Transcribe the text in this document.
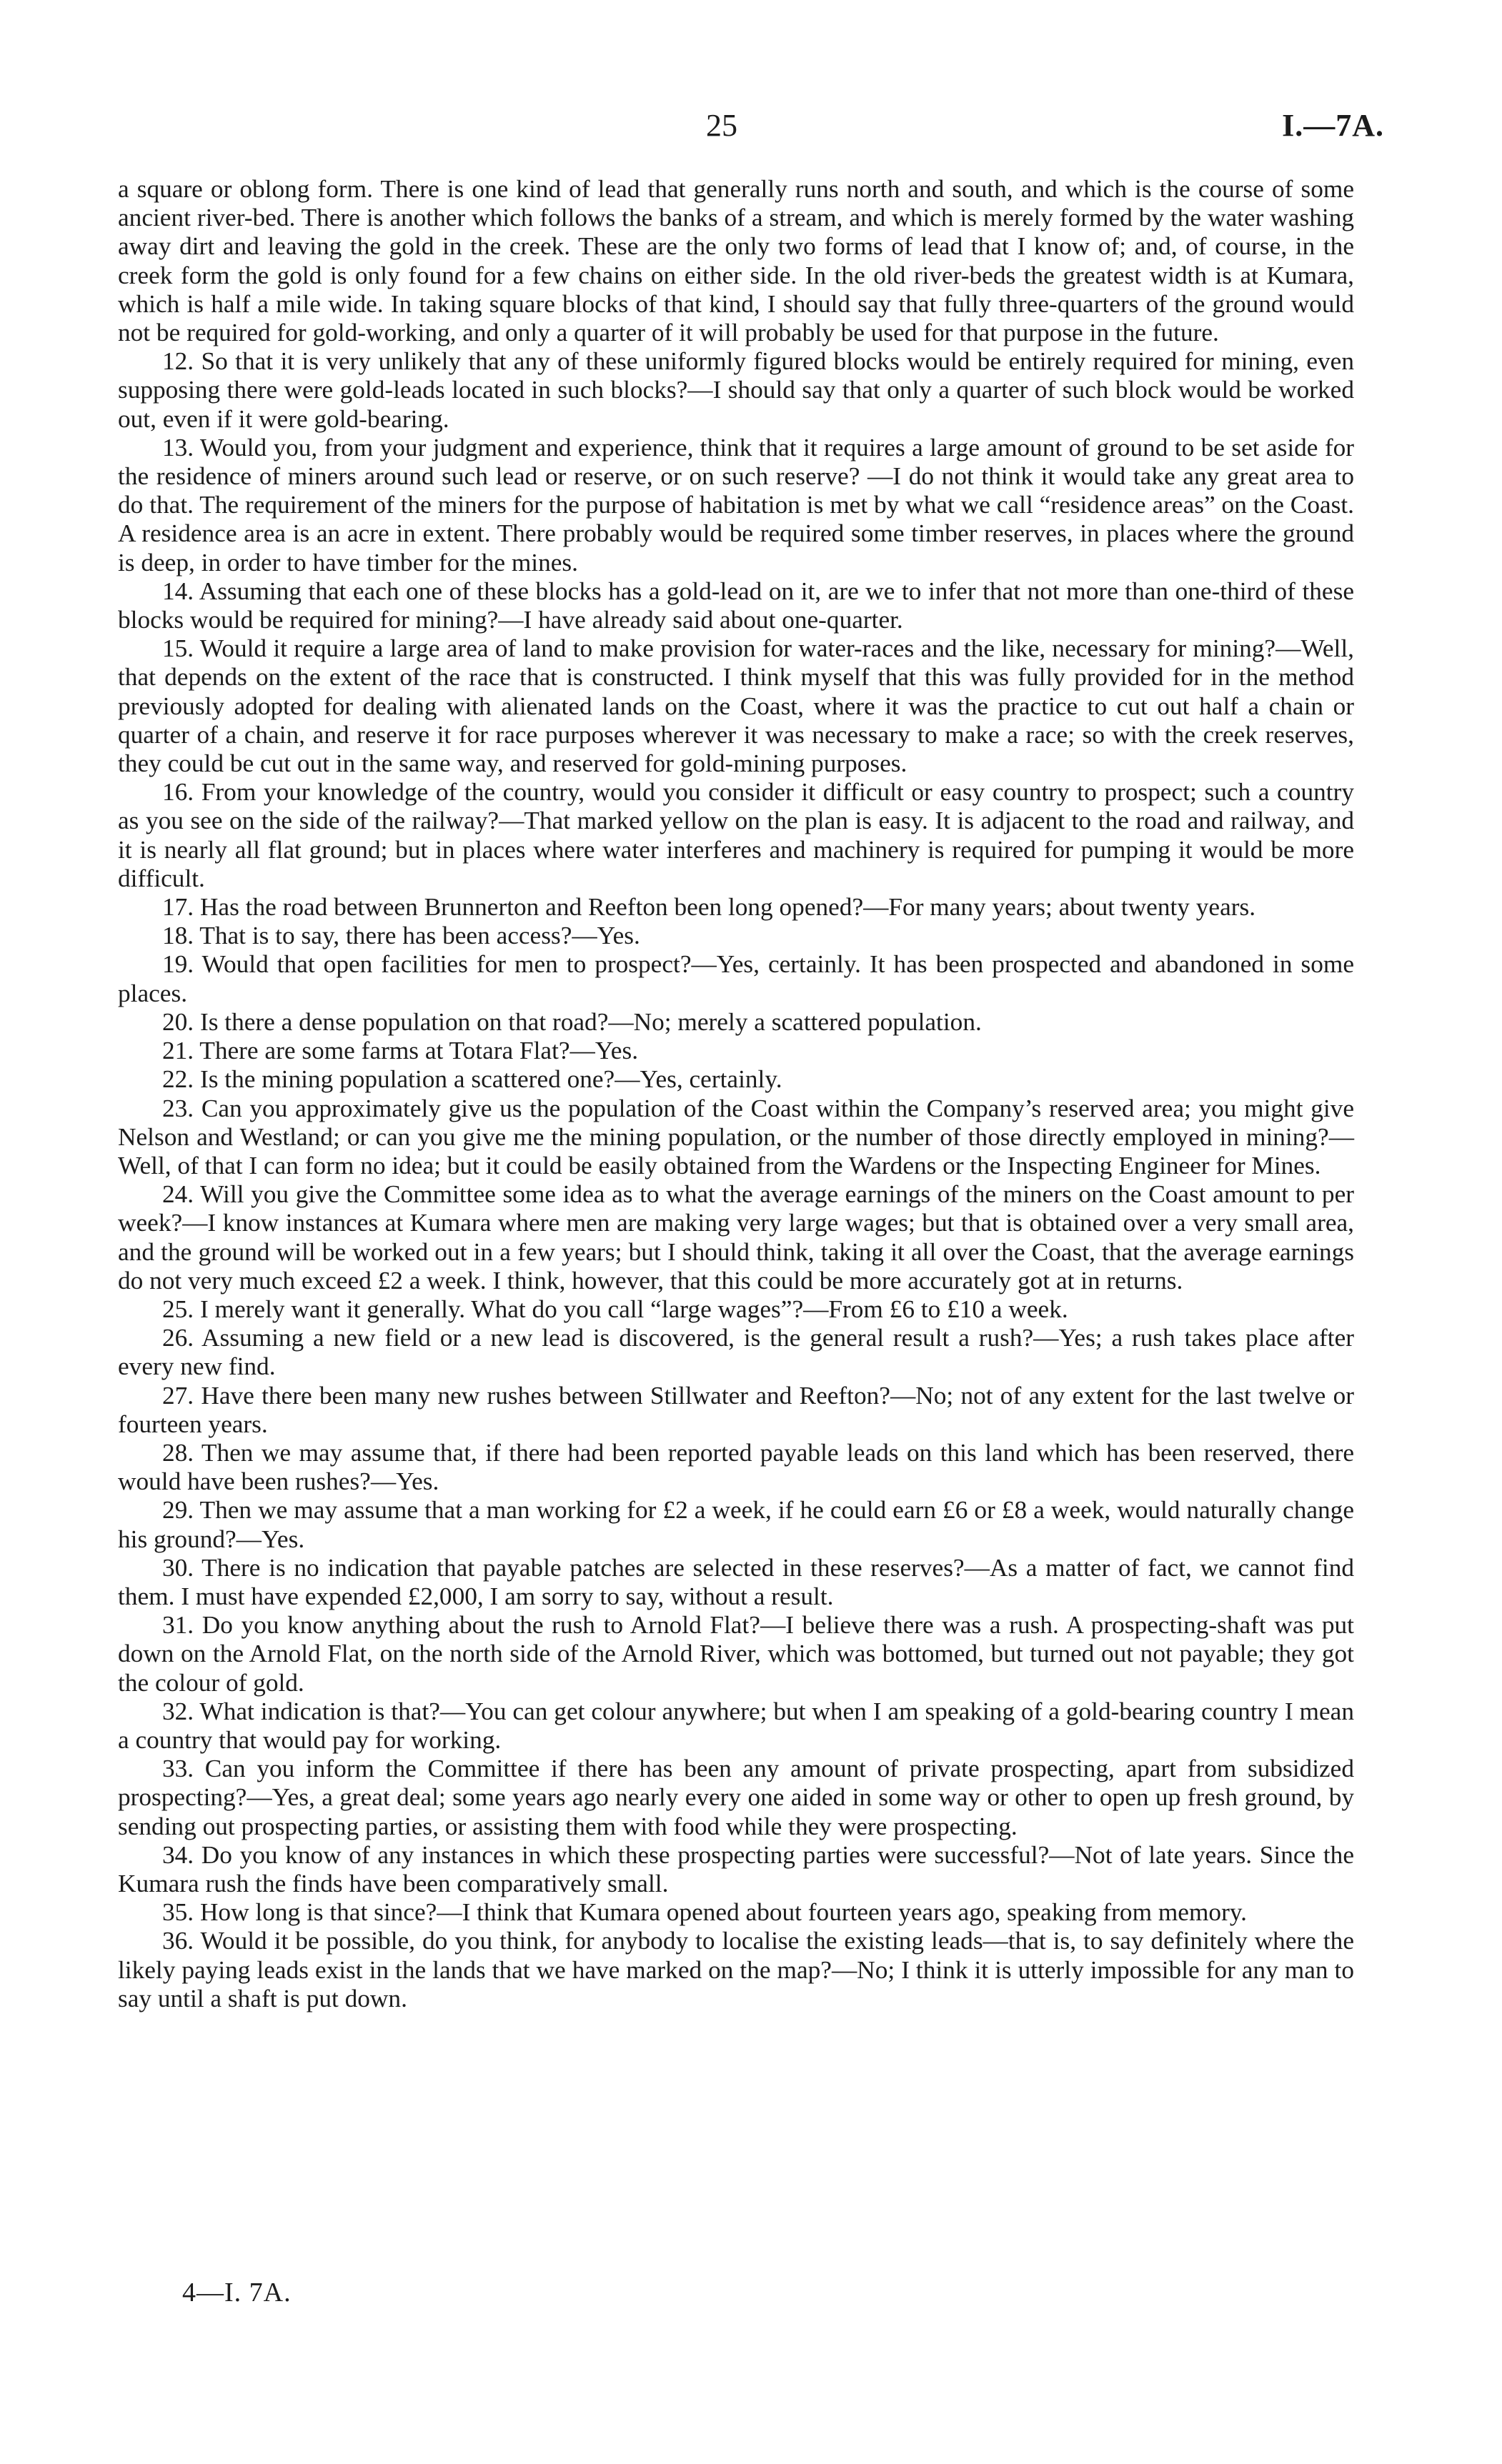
25	I.—7A.

a square or oblong form. There is one kind of lead that generally runs north and south, and which is the course of some ancient river-bed. There is another which follows the banks of a stream, and which is merely formed by the water washing away dirt and leaving the gold in the creek. These are the only two forms of lead that I know of; and, of course, in the creek form the gold is only found for a few chains on either side. In the old river-beds the greatest width is at Kumara, which is half a mile wide. In taking square blocks of that kind, I should say that fully three-quarters of the ground would not be required for gold-working, and only a quarter of it will probably be used for that purpose in the future.

12. So that it is very unlikely that any of these uniformly figured blocks would be entirely required for mining, even supposing there were gold-leads located in such blocks?—I should say that only a quarter of such block would be worked out, even if it were gold-bearing.

13. Would you, from your judgment and experience, think that it requires a large amount of ground to be set aside for the residence of miners around such lead or reserve, or on such reserve? —I do not think it would take any great area to do that. The requirement of the miners for the purpose of habitation is met by what we call “residence areas” on the Coast. A residence area is an acre in extent. There probably would be required some timber reserves, in places where the ground is deep, in order to have timber for the mines.

14. Assuming that each one of these blocks has a gold-lead on it, are we to infer that not more than one-third of these blocks would be required for mining?—I have already said about one-quarter.

15. Would it require a large area of land to make provision for water-races and the like, necessary for mining?—Well, that depends on the extent of the race that is constructed. I think myself that this was fully provided for in the method previously adopted for dealing with alienated lands on the Coast, where it was the practice to cut out half a chain or quarter of a chain, and reserve it for race purposes wherever it was necessary to make a race; so with the creek reserves, they could be cut out in the same way, and reserved for gold-mining purposes.

16. From your knowledge of the country, would you consider it difficult or easy country to prospect; such a country as you see on the side of the railway?—That marked yellow on the plan is easy. It is adjacent to the road and railway, and it is nearly all flat ground; but in places where water interferes and machinery is required for pumping it would be more difficult.

17. Has the road between Brunnerton and Reefton been long opened?—For many years; about twenty years.

18. That is to say, there has been access?—Yes.

19. Would that open facilities for men to prospect?—Yes, certainly. It has been prospected and abandoned in some places.

20. Is there a dense population on that road?—No; merely a scattered population.

21. There are some farms at Totara Flat?—Yes.

22. Is the mining population a scattered one?—Yes, certainly.

23. Can you approximately give us the population of the Coast within the Company’s reserved area; you might give Nelson and Westland; or can you give me the mining population, or the number of those directly employed in mining?—Well, of that I can form no idea; but it could be easily obtained from the Wardens or the Inspecting Engineer for Mines.

24. Will you give the Committee some idea as to what the average earnings of the miners on the Coast amount to per week?—I know instances at Kumara where men are making very large wages; but that is obtained over a very small area, and the ground will be worked out in a few years; but I should think, taking it all over the Coast, that the average earnings do not very much exceed £2 a week. I think, however, that this could be more accurately got at in returns.

25. I merely want it generally. What do you call “large wages”?—From £6 to £10 a week.

26. Assuming a new field or a new lead is discovered, is the general result a rush?—Yes; a rush takes place after every new find.

27. Have there been many new rushes between Stillwater and Reefton?—No; not of any extent for the last twelve or fourteen years.

28. Then we may assume that, if there had been reported payable leads on this land which has been reserved, there would have been rushes?—Yes.

29. Then we may assume that a man working for £2 a week, if he could earn £6 or £8 a week, would naturally change his ground?—Yes.

30. There is no indication that payable patches are selected in these reserves?—As a matter of fact, we cannot find them. I must have expended £2,000, I am sorry to say, without a result.

31. Do you know anything about the rush to Arnold Flat?—I believe there was a rush. A prospecting-shaft was put down on the Arnold Flat, on the north side of the Arnold River, which was bottomed, but turned out not payable; they got the colour of gold.

32. What indication is that?—You can get colour anywhere; but when I am speaking of a gold-bearing country I mean a country that would pay for working.

33. Can you inform the Committee if there has been any amount of private prospecting, apart from subsidized prospecting?—Yes, a great deal; some years ago nearly every one aided in some way or other to open up fresh ground, by sending out prospecting parties, or assisting them with food while they were prospecting.

34. Do you know of any instances in which these prospecting parties were successful?—Not of late years. Since the Kumara rush the finds have been comparatively small.

35. How long is that since?—I think that Kumara opened about fourteen years ago, speaking from memory.

36. Would it be possible, do you think, for anybody to localise the existing leads—that is, to say definitely where the likely paying leads exist in the lands that we have marked on the map?—No; I think it is utterly impossible for any man to say until a shaft is put down.

4—I. 7A.
